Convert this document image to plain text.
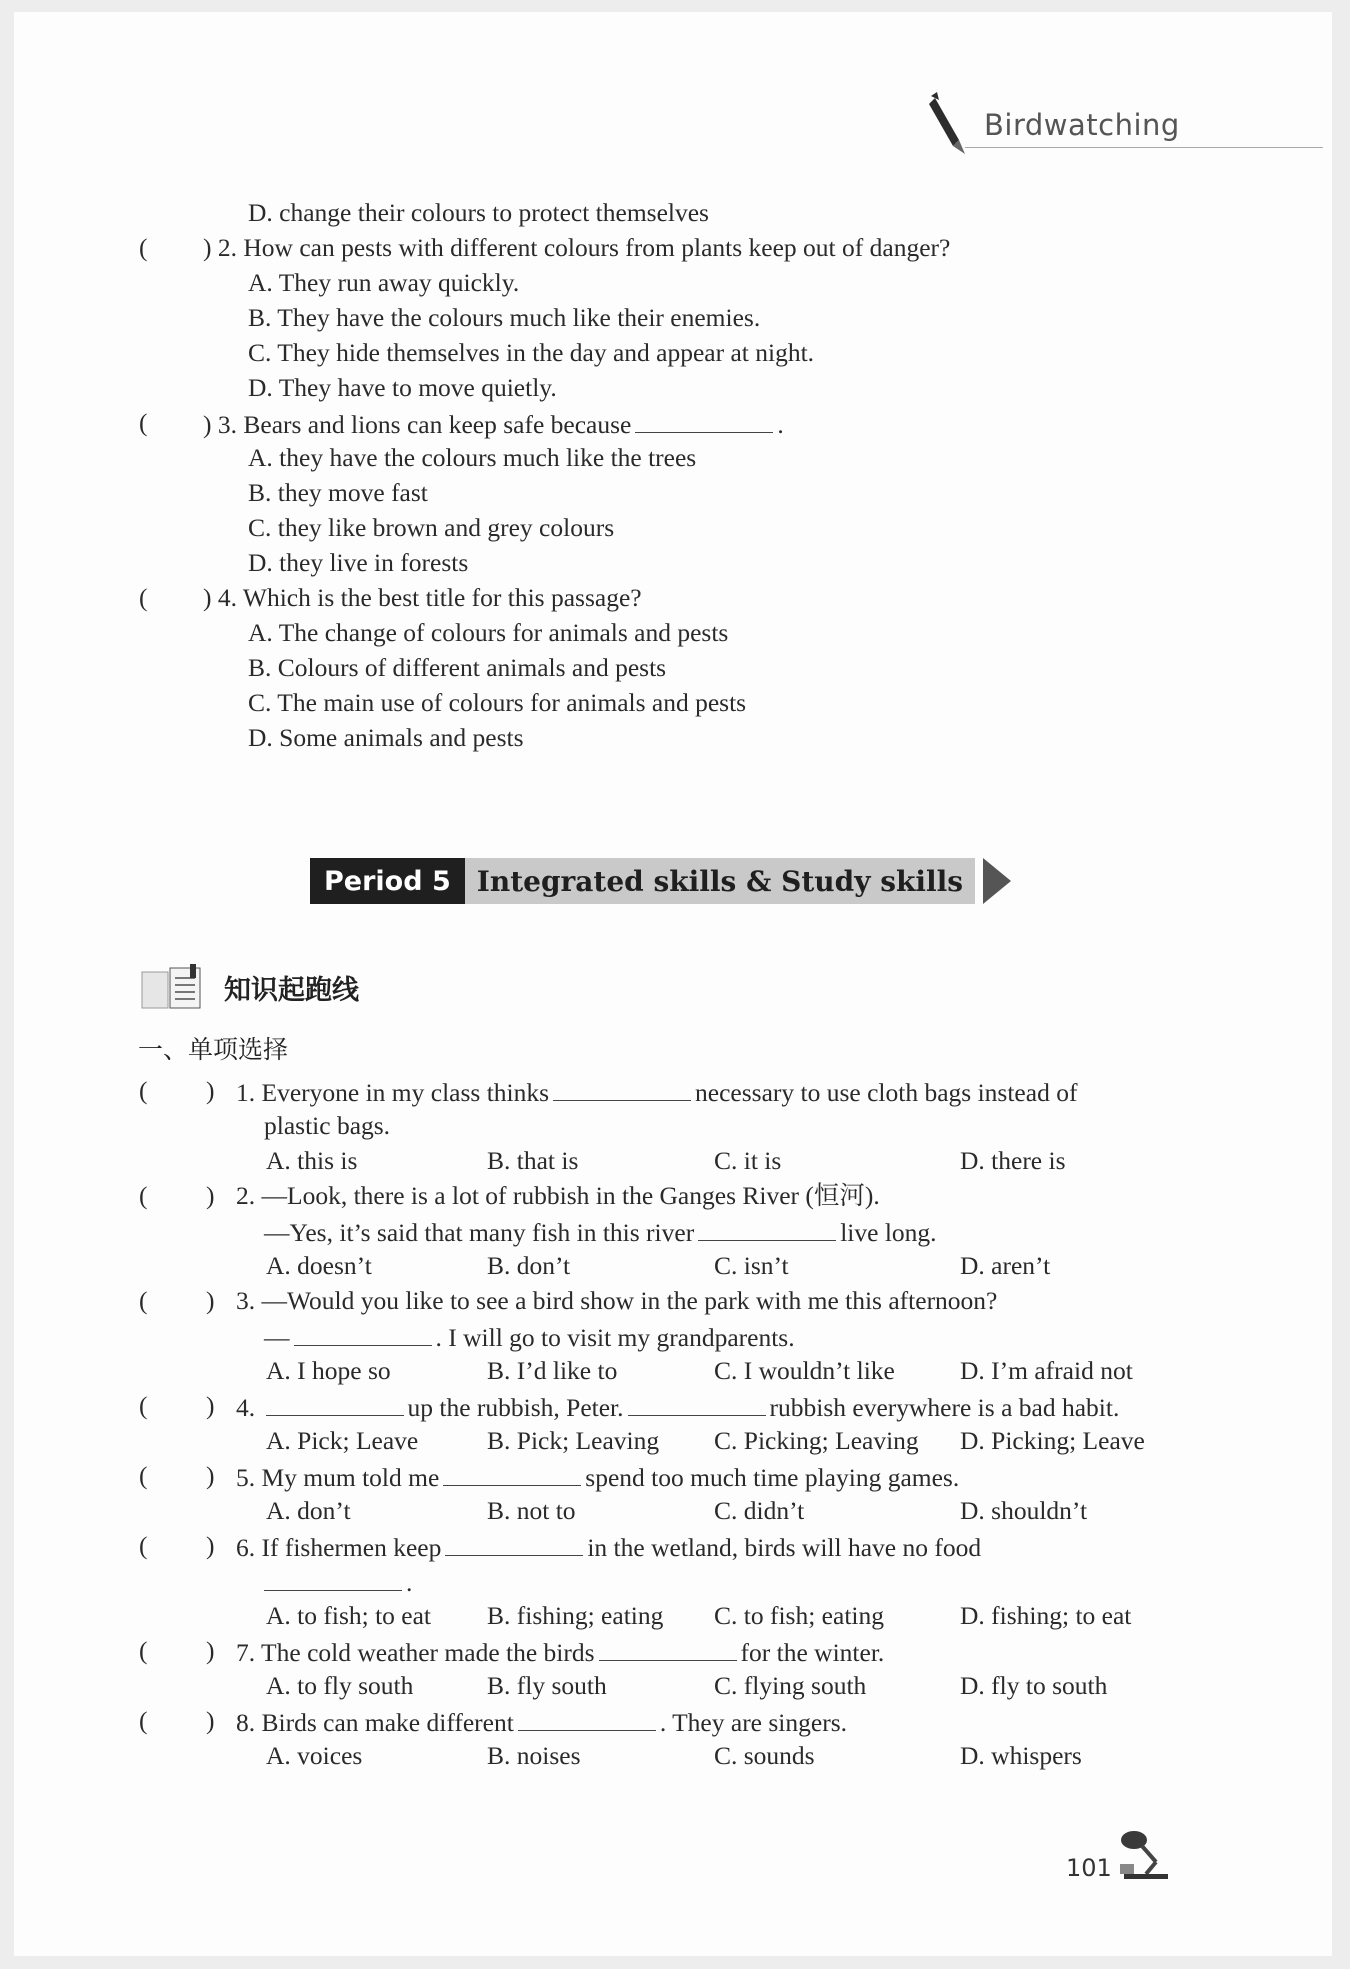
Birdwatching
D. change their colours to protect themselves
( ) 2. How can pests with different colours from plants keep out of danger?
A. They run away quickly.
B. They have the colours much like their enemies.
C. They hide themselves in the day and appear at night.
D. They have to move quietly.
( ) 3. Bears and lions can keep safe because	.
A. they have the colours much like the trees
B. they move fast
C. they like brown and grey colours
D. they live in forests
( ) 4. Which is the best title for this passage?
A. The change of colours for animals and pests
B. Colours of different animals and pests
C. The main use of colours for animals and pests
D. Some animals and pests
Period 5 Integrated skills & Study skills
知识起跑线
一、单项选择
( ) 1. Everyone in my class thinks	necessary to use cloth bags instead of
plastic bags.
A. this is	B. that is	C. it is	D. there is
( ) 2. —Look, there is a lot of rubbish in the Ganges River (恒河).
—Yes, it’s said that many fish in this river	live long.
A. doesn’t	B. don’t	C. isn’t	D. aren’t
( ) 3. —Would you like to see a bird show in the park with me this afternoon?
—	. I will go to visit my grandparents.
A. I hope so	B. I’d like to	C. I wouldn’t like	D. I’m afraid not
( ) 4.	up the rubbish, Peter.	rubbish everywhere is a bad habit.
A. Pick; Leave	B. Pick; Leaving C. Picking; Leaving D. Picking; Leave
( ) 5. My mum told me	spend too much time playing games.
A. don’t	B. not to	C. didn’t	D. shouldn’t
( ) 6. If fishermen keep	in the wetland, birds will have no food
.
A. to fish; to eat B. fishing; eating C. to fish; eating	D. fishing; to eat
( ) 7. The cold weather made the birds	for the winter.
A. to fly south	B. fly south	C. flying south	D. fly to south
( ) 8. Birds can make different	. They are singers.
A. voices	B. noises	C. sounds	D. whispers
101
